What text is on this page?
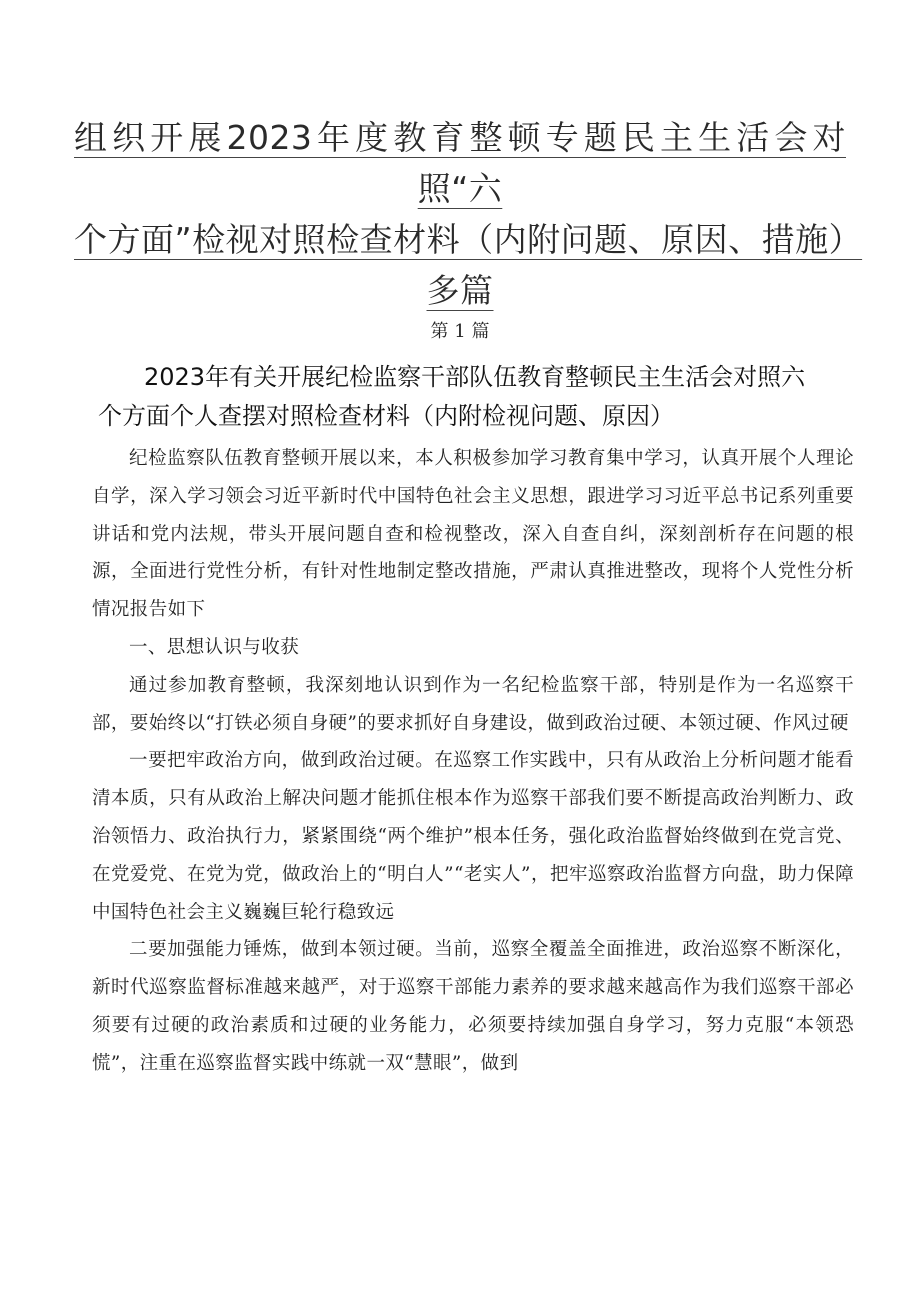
组织开展2023年度教育整顿专题民主生活会对照“六
个方面”检视对照检查材料（内附问题、原因、措施）
多篇
第 1 篇
2023年有关开展纪检监察干部队伍教育整顿民主生活会对照六
个方面个人查摆对照检查材料（内附检视问题、原因）

纪检监察队伍教育整顿开展以来，本人积极参加学习教育集中学习，认真开展个人理论自学，深入学习领会习近平新时代中国特色社会主义思想，跟进学习习近平总书记系列重要讲话和党内法规，带头开展问题自查和检视整改，深入自查自纠，深刻剖析存在问题的根源，全面进行党性分析，有针对性地制定整改措施，严肃认真推进整改，现将个人党性分析情况报告如下

一、思想认识与收获

通过参加教育整顿，我深刻地认识到作为一名纪检监察干部，特别是作为一名巡察干部，要始终以“打铁必须自身硬”的要求抓好自身建设，做到政治过硬、本领过硬、作风过硬

一要把牢政治方向，做到政治过硬。在巡察工作实践中，只有从政治上分析问题才能看清本质，只有从政治上解决问题才能抓住根本作为巡察干部我们要不断提高政治判断力、政治领悟力、政治执行力，紧紧围绕“两个维护”根本任务，强化政治监督始终做到在党言党、在党爱党、在党为党，做政治上的“明白人”“老实人”，把牢巡察政治监督方向盘，助力保障中国特色社会主义巍巍巨轮行稳致远

二要加强能力锤炼，做到本领过硬。当前，巡察全覆盖全面推进，政治巡察不断深化，新时代巡察监督标准越来越严，对于巡察干部能力素养的要求越来越高作为我们巡察干部必须要有过硬的政治素质和过硬的业务能力，必须要持续加强自身学习，努力克服“本领恐慌”，注重在巡察监督实践中练就一双“慧眼”，做到
